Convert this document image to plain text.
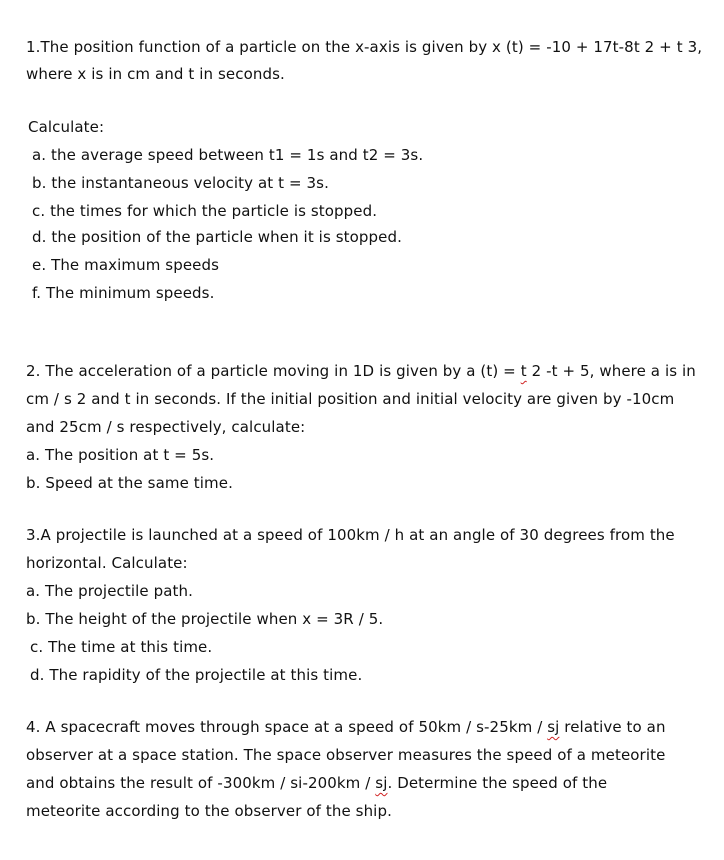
1.The position function of a particle on the x-axis is given by x (t) = -10 + 17t-8t 2 + t 3,
where x is in cm and t in seconds.
Calculate:
a. the average speed between t1 = 1s and t2 = 3s.
b. the instantaneous velocity at t = 3s.
c. the times for which the particle is stopped.
d. the position of the particle when it is stopped.
e. The maximum speeds
f. The minimum speeds.
2. The acceleration of a particle moving in 1D is given by a (t) = t 2 -t + 5, where a is in
cm / s 2 and t in seconds. If the initial position and initial velocity are given by -10cm
and 25cm / s respectively, calculate:
a. The position at t = 5s.
b. Speed at the same time.
3.A projectile is launched at a speed of 100km / h at an angle of 30 degrees from the
horizontal. Calculate:
a. The projectile path.
b. The height of the projectile when x = 3R / 5.
c. The time at this time.
d. The rapidity of the projectile at this time.
4. A spacecraft moves through space at a speed of 50km / s-25km / sj relative to an
observer at a space station. The space observer measures the speed of a meteorite
and obtains the result of -300km / si-200km / sj. Determine the speed of the
meteorite according to the observer of the ship.
